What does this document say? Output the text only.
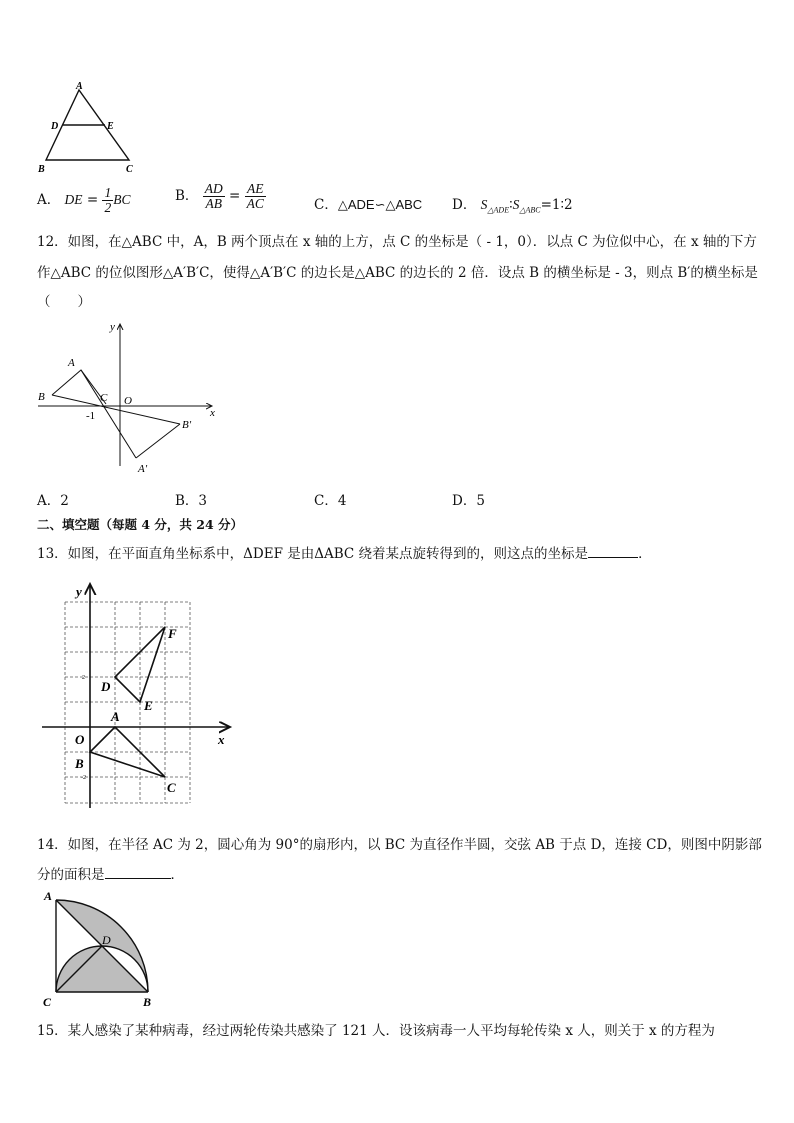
A
D	E
B	C
A． DE = $\frac{1}{2}$ BC	B． $\frac{AD}{AB} = \frac{AE}{AC}$	C．△ADE∽△ABC D． $S_{\triangle ADE}∶S_{\triangle ABC}=1∶2$
12．如图，在△ABC 中，A，B 两个顶点在 x 轴的上方，点 C 的坐标是（ - 1，0）．以点 C 为位似中心，在 x 轴的下方
作△ABC 的位似图形△A′B′C，使得△A′B′C 的边长是△ABC 的边长的 2 倍．设点 B 的横坐标是 - 3，则点 B′的横坐标是
（　　）
y
x
A
B	C O
-1
B′
A′
A．2	B．3	C．4	D．5
二、填空题（每题 4 分，共 24 分）
13．如图，在平面直角坐标系中，ΔDEF 是由ΔABC 绕着某点旋转得到的，则这点的坐标是	．
y
x
O
A
B
C
D
E
F
2
-2
14．如图，在半径 AC 为 2，圆心角为 90°的扇形内，以 BC 为直径作半圆，交弦 AB 于点 D，连接 CD，则图中阴影部
分的面积是	．
A
C	B
D
15．某人感染了某种病毒，经过两轮传染共感染了 121 人．设该病毒一人平均每轮传染 x 人，则关于 x 的方程为
